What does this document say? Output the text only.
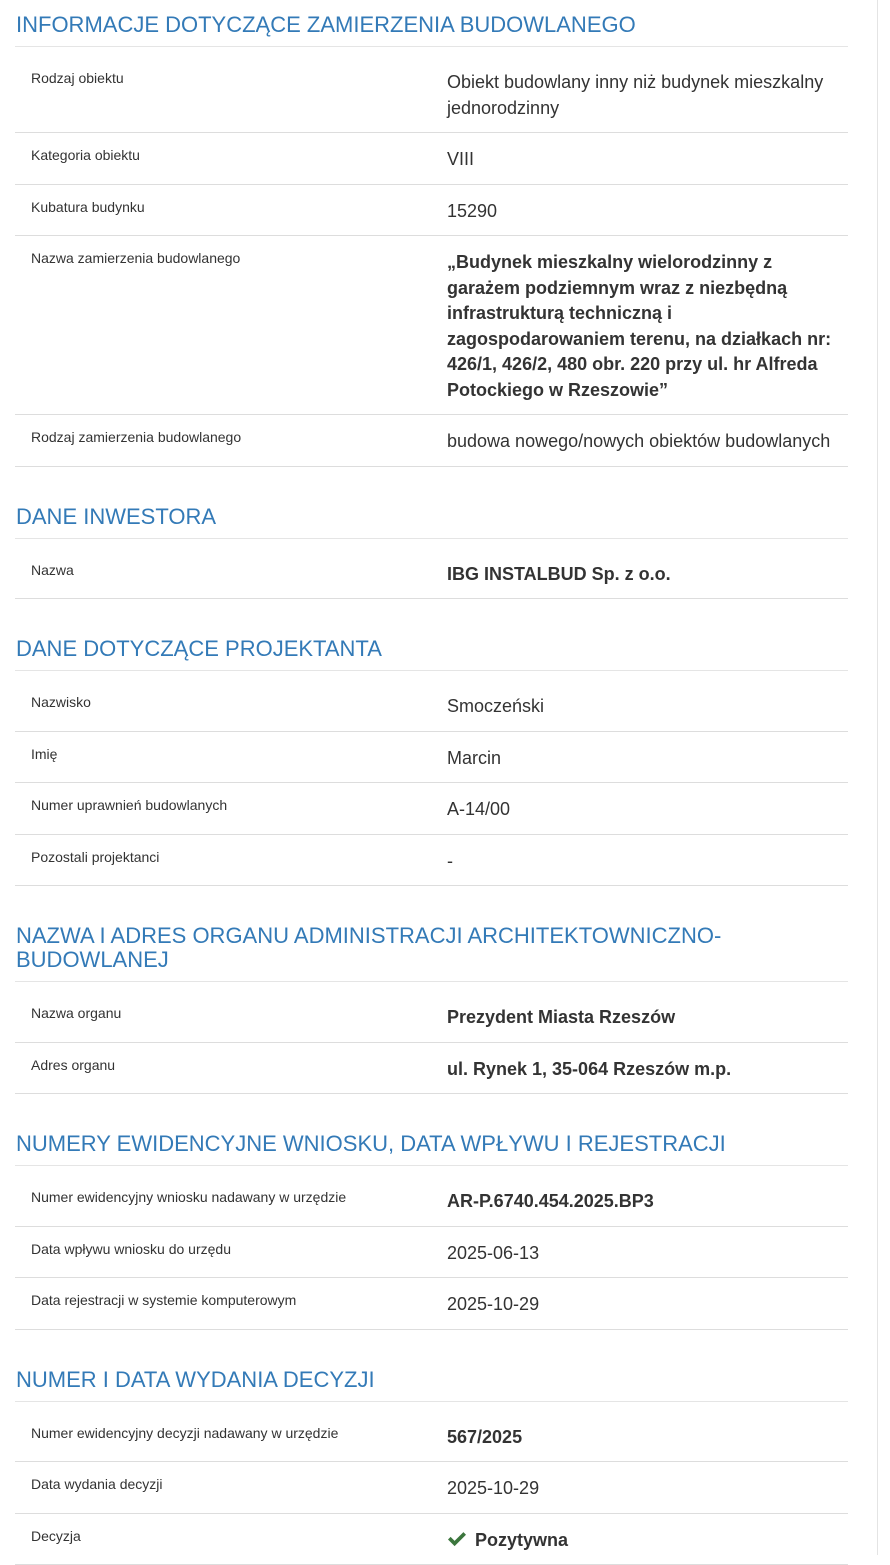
INFORMACJE DOTYCZĄCE ZAMIERZENIA BUDOWLANEGO
Rodzaj obiektu	Obiekt budowlany inny niż budynek mieszkalny jednorodzinny
Kategoria obiektu	VIII
Kubatura budynku	15290
Nazwa zamierzenia budowlanego	„Budynek mieszkalny wielorodzinny z garażem podziemnym wraz z niezbędną infrastrukturą techniczną i zagospodarowaniem terenu, na działkach nr: 426/1, 426/2, 480 obr. 220 przy ul. hr Alfreda Potockiego w Rzeszowie”
Rodzaj zamierzenia budowlanego	budowa nowego/nowych obiektów budowlanych
DANE INWESTORA
Nazwa	IBG INSTALBUD Sp. z o.o.
DANE DOTYCZĄCE PROJEKTANTA
Nazwisko	Smoczeński
Imię	Marcin
Numer uprawnień budowlanych	A-14/00
Pozostali projektanci	-
NAZWA I ADRES ORGANU ADMINISTRACJI ARCHITEKTOWNICZNO-BUDOWLANEJ
Nazwa organu	Prezydent Miasta Rzeszów
Adres organu	ul. Rynek 1, 35-064 Rzeszów m.p.
NUMERY EWIDENCYJNE WNIOSKU, DATA WPŁYWU I REJESTRACJI
Numer ewidencyjny wniosku nadawany w urzędzie	AR-P.6740.454.2025.BP3
Data wpływu wniosku do urzędu	2025-06-13
Data rejestracji w systemie komputerowym	2025-10-29
NUMER I DATA WYDANIA DECYZJI
Numer ewidencyjny decyzji nadawany w urzędzie	567/2025
Data wydania decyzji	2025-10-29
Decyzja	Pozytywna
